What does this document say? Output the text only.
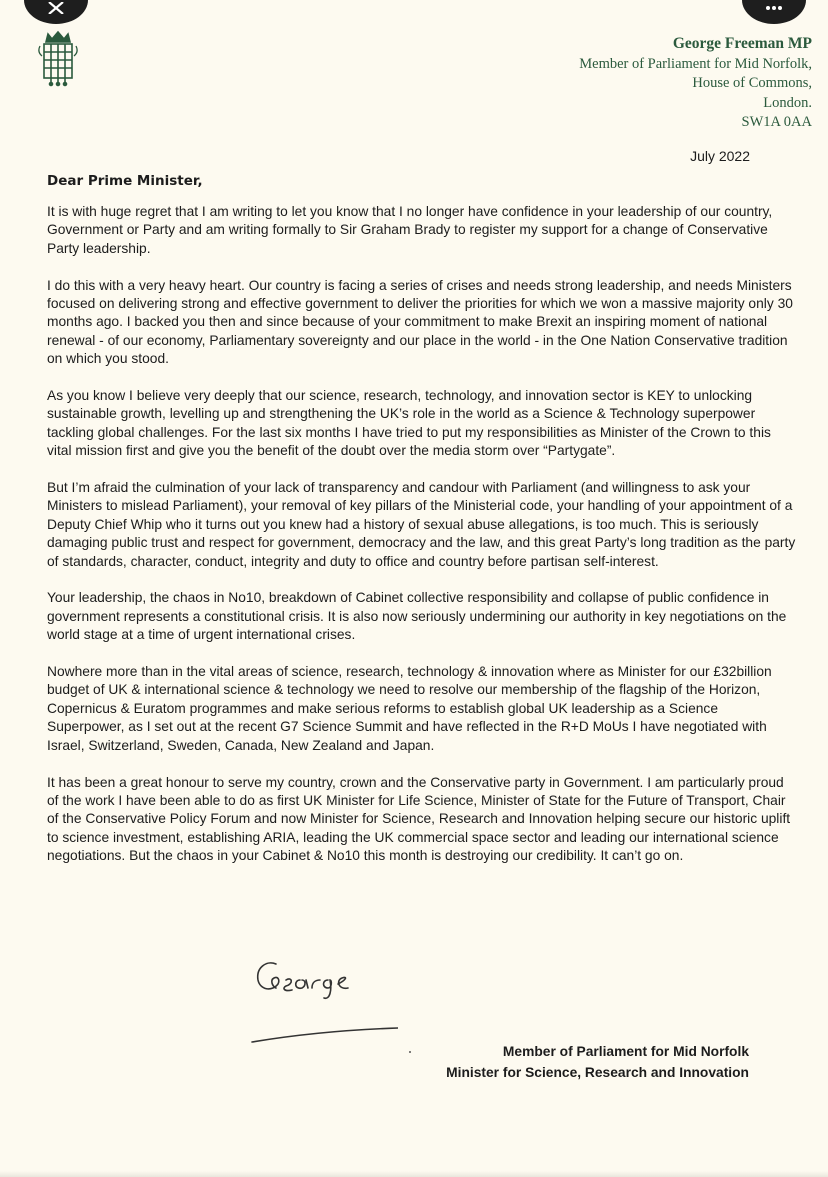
George Freeman MP
Member of Parliament for Mid Norfolk,
House of Commons,
London.
SW1A 0AA
July 2022
Dear Prime Minister,

It is with huge regret that I am writing to let you know that I no longer have confidence in your leadership of our country, Government or Party and am writing formally to Sir Graham Brady to register my support for a change of Conservative Party leadership.

I do this with a very heavy heart. Our country is facing a series of crises and needs strong leadership, and needs Ministers focused on delivering strong and effective government to deliver the priorities for which we won a massive majority only 30 months ago. I backed you then and since because of your commitment to make Brexit an inspiring moment of national renewal - of our economy, Parliamentary sovereignty and our place in the world - in the One Nation Conservative tradition on which you stood.

As you know I believe very deeply that our science, research, technology, and innovation sector is KEY to unlocking sustainable growth, levelling up and strengthening the UK’s role in the world as a Science & Technology superpower tackling global challenges. For the last six months I have tried to put my responsibilities as Minister of the Crown to this vital mission first and give you the benefit of the doubt over the media storm over “Partygate”.

But I’m afraid the culmination of your lack of transparency and candour with Parliament (and willingness to ask your Ministers to mislead Parliament), your removal of key pillars of the Ministerial code, your handling of your appointment of a Deputy Chief Whip who it turns out you knew had a history of sexual abuse allegations, is too much. This is seriously damaging public trust and respect for government, democracy and the law, and this great Party’s long tradition as the party of standards, character, conduct, integrity and duty to office and country before partisan self-interest.

Your leadership, the chaos in No10, breakdown of Cabinet collective responsibility and collapse of public confidence in government represents a constitutional crisis. It is also now seriously undermining our authority in key negotiations on the world stage at a time of urgent international crises.

Nowhere more than in the vital areas of science, research, technology & innovation where as Minister for our £32billion budget of UK & international science & technology we need to resolve our membership of the flagship of the Horizon, Copernicus & Euratom programmes and make serious reforms to establish global UK leadership as a Science Superpower, as I set out at the recent G7 Science Summit and have reflected in the R+D MoUs I have negotiated with Israel, Switzerland, Sweden, Canada, New Zealand and Japan.

It has been a great honour to serve my country, crown and the Conservative party in Government. I am particularly proud of the work I have been able to do as first UK Minister for Life Science, Minister of State for the Future of Transport, Chair of the Conservative Policy Forum and now Minister for Science, Research and Innovation helping secure our historic uplift to science investment, establishing ARIA, leading the UK commercial space sector and leading our international science negotiations. But the chaos in your Cabinet & No10 this month is destroying our credibility. It can’t go on.

Member of Parliament for Mid Norfolk
Minister for Science, Research and Innovation
